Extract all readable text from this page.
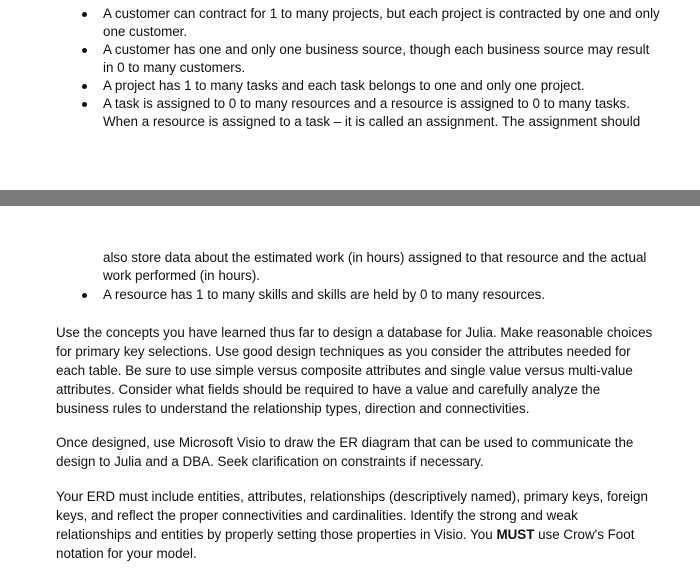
A customer can contract for 1 to many projects, but each project is contracted by one and only one customer.
A customer has one and only one business source, though each business source may result in 0 to many customers.
A project has 1 to many tasks and each task belongs to one and only one project.
A task is assigned to 0 to many resources and a resource is assigned to 0 to many tasks. When a resource is assigned to a task – it is called an assignment. The assignment should
also store data about the estimated work (in hours) assigned to that resource and the actual work performed (in hours).
A resource has 1 to many skills and skills are held by 0 to many resources.

Use the concepts you have learned thus far to design a database for Julia. Make reasonable choices for primary key selections. Use good design techniques as you consider the attributes needed for each table. Be sure to use simple versus composite attributes and single value versus multi-value attributes. Consider what fields should be required to have a value and carefully analyze the business rules to understand the relationship types, direction and connectivities.

Once designed, use Microsoft Visio to draw the ER diagram that can be used to communicate the design to Julia and a DBA. Seek clarification on constraints if necessary.

Your ERD must include entities, attributes, relationships (descriptively named), primary keys, foreign keys, and reflect the proper connectivities and cardinalities. Identify the strong and weak relationships and entities by properly setting those properties in Visio. You MUST use Crow's Foot notation for your model.
